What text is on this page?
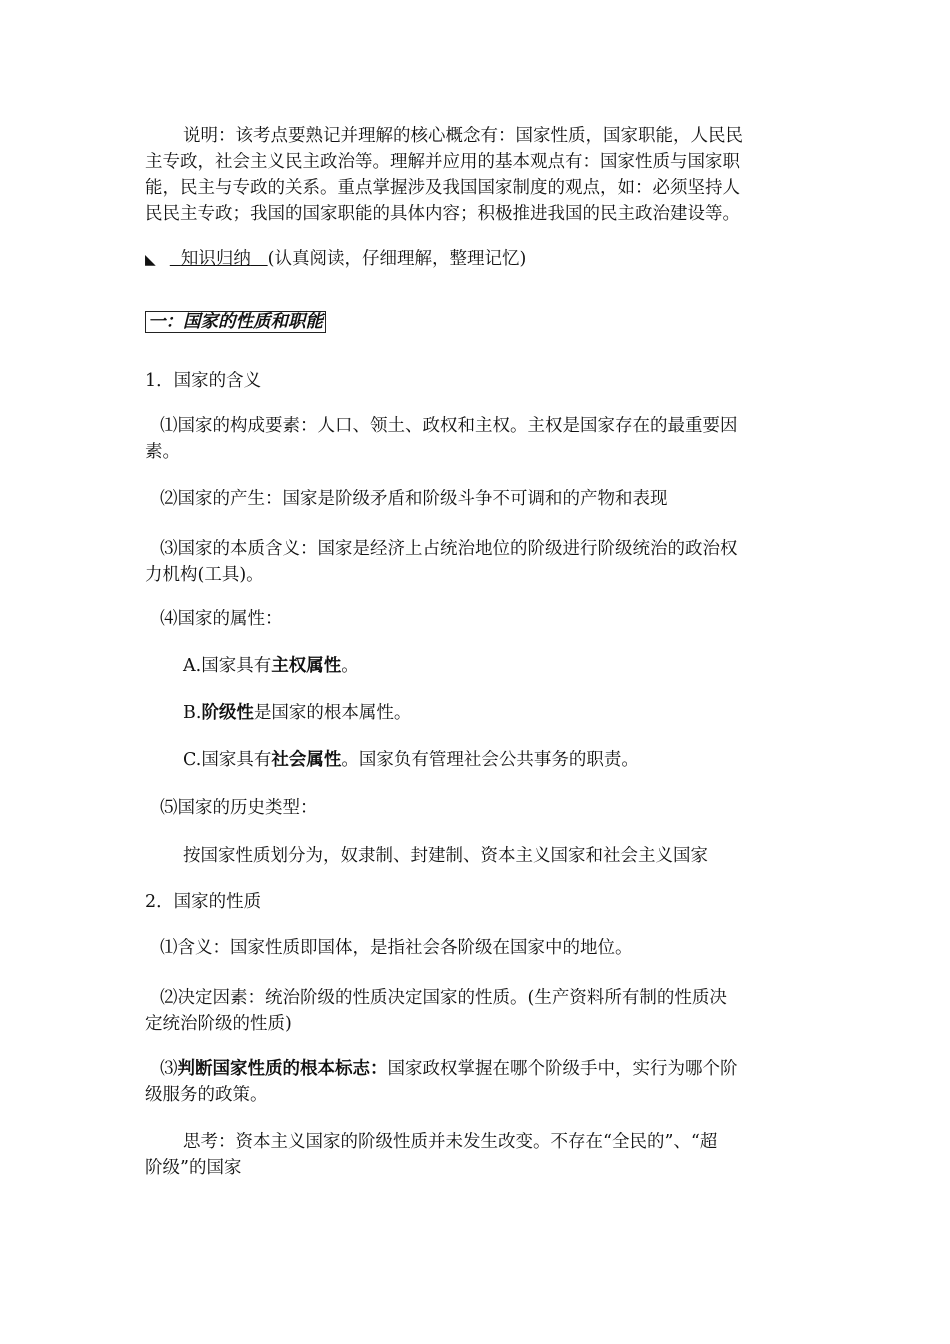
说明：该考点要熟记并理解的核心概念有：国家性质，国家职能，人民民
主专政，社会主义民主政治等。理解并应用的基本观点有：国家性质与国家职
能，民主与专政的关系。重点掌握涉及我国国家制度的观点，如：必须坚持人
民民主专政；我国的国家职能的具体内容；积极推进我国的民主政治建设等。
◣ 知识归纳 (认真阅读，仔细理解，整理记忆)
一：国家的性质和职能
1．国家的含义
⑴国家的构成要素：人口、领土、政权和主权。主权是国家存在的最重要因
素。
⑵国家的产生：国家是阶级矛盾和阶级斗争不可调和的产物和表现
⑶国家的本质含义：国家是经济上占统治地位的阶级进行阶级统治的政治权
力机构(工具)。
⑷国家的属性：
A.国家具有主权属性。
B.阶级性是国家的根本属性。
C.国家具有社会属性。国家负有管理社会公共事务的职责。
⑸国家的历史类型：
按国家性质划分为，奴隶制、封建制、资本主义国家和社会主义国家
2．国家的性质
⑴含义：国家性质即国体，是指社会各阶级在国家中的地位。
⑵决定因素：统治阶级的性质决定国家的性质。(生产资料所有制的性质决
定统治阶级的性质)
⑶判断国家性质的根本标志：国家政权掌握在哪个阶级手中，实行为哪个阶
级服务的政策。
思考：资本主义国家的阶级性质并未发生改变。不存在“全民的”、“超
阶级”的国家
